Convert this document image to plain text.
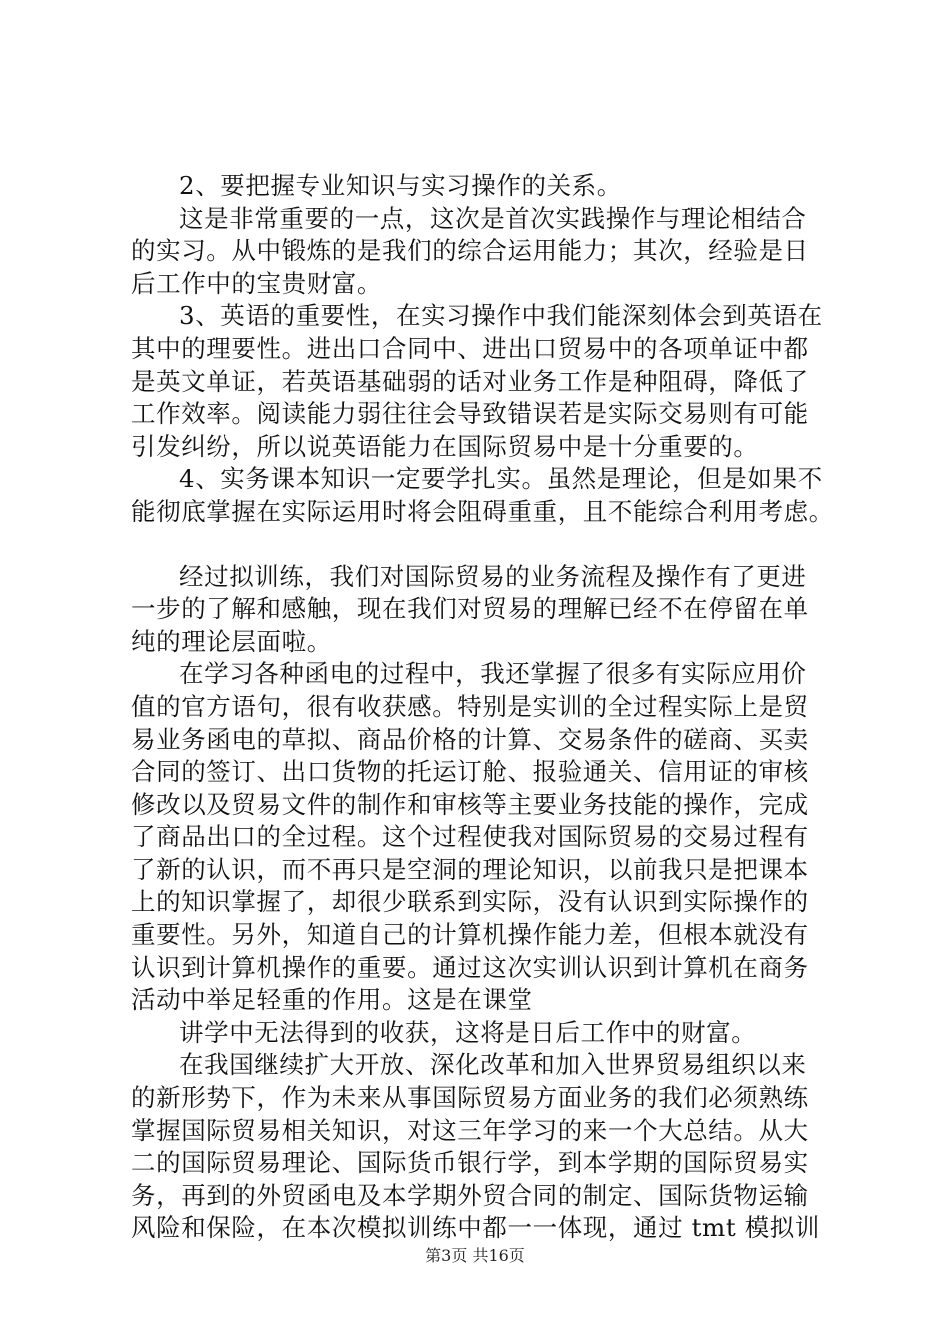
2、要把握专业知识与实习操作的关系。
这是非常重要的一点，这次是首次实践操作与理论相结合
的实习。从中锻炼的是我们的综合运用能力；其次，经验是日
后工作中的宝贵财富。
3、英语的重要性，在实习操作中我们能深刻体会到英语在
其中的理要性。进出口合同中、进出口贸易中的各项单证中都
是英文单证，若英语基础弱的话对业务工作是种阻碍，降低了
工作效率。阅读能力弱往往会导致错误若是实际交易则有可能
引发纠纷，所以说英语能力在国际贸易中是十分重要的。
4、实务课本知识一定要学扎实。虽然是理论，但是如果不
能彻底掌握在实际运用时将会阻碍重重，且不能综合利用考虑。
经过拟训练，我们对国际贸易的业务流程及操作有了更进
一步的了解和感触，现在我们对贸易的理解已经不在停留在单
纯的理论层面啦。
在学习各种函电的过程中，我还掌握了很多有实际应用价
值的官方语句，很有收获感。特别是实训的全过程实际上是贸
易业务函电的草拟、商品价格的计算、交易条件的磋商、买卖
合同的签订、出口货物的托运订舱、报验通关、信用证的审核
修改以及贸易文件的制作和审核等主要业务技能的操作，完成
了商品出口的全过程。这个过程使我对国际贸易的交易过程有
了新的认识，而不再只是空洞的理论知识，以前我只是把课本
上的知识掌握了，却很少联系到实际，没有认识到实际操作的
重要性。另外，知道自己的计算机操作能力差，但根本就没有
认识到计算机操作的重要。通过这次实训认识到计算机在商务
活动中举足轻重的作用。这是在课堂
讲学中无法得到的收获，这将是日后工作中的财富。
在我国继续扩大开放、深化改革和加入世界贸易组织以来
的新形势下，作为未来从事国际贸易方面业务的我们必须熟练
掌握国际贸易相关知识，对这三年学习的来一个大总结。从大
二的国际贸易理论、国际货币银行学，到本学期的国际贸易实
务，再到的外贸函电及本学期外贸合同的制定、国际货物运输
风险和保险，在本次模拟训练中都一一体现，通过 tmt 模拟训
第3页 共16页
